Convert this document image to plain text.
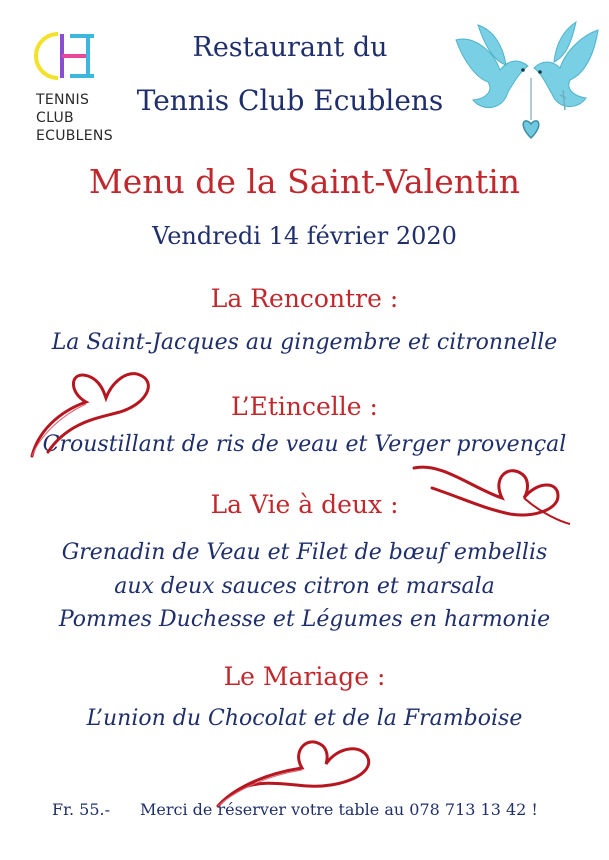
TENNIS
CLUB
ECUBLENS
Restaurant du
Tennis Club Ecublens
Menu de la Saint-Valentin
Vendredi 14 février 2020
La Rencontre :
La Saint-Jacques au gingembre et citronnelle
L’Etincelle :
Croustillant de ris de veau et Verger provençal
La Vie à deux :
Grenadin de Veau et Filet de bœuf embellis
aux deux sauces citron et marsala
Pommes Duchesse et Légumes en harmonie
Le Mariage :
L’union du Chocolat et de la Framboise
Fr. 55.- Merci de réserver votre table au 078 713 13 42 !
